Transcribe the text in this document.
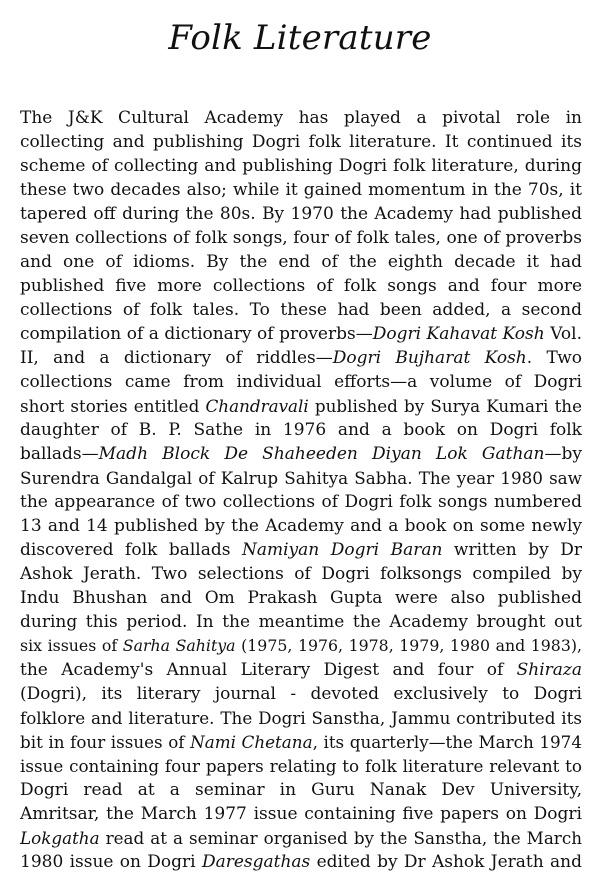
Folk Literature
The J&K Cultural Academy has played a pivotal role in
collecting and publishing Dogri folk literature. It continued its
scheme of collecting and publishing Dogri folk literature, during
these two decades also; while it gained momentum in the 70s, it
tapered off during the 80s. By 1970 the Academy had published
seven collections of folk songs, four of folk tales, one of proverbs
and one of idioms. By the end of the eighth decade it had
published five more collections of folk songs and four more
collections of folk tales. To these had been added, a second
compilation of a dictionary of proverbs—Dogri Kahavat Kosh Vol.
II, and a dictionary of riddles—Dogri Bujharat Kosh. Two
collections came from individual efforts—a volume of Dogri
short stories entitled Chandravali published by Surya Kumari the
daughter of B. P. Sathe in 1976 and a book on Dogri folk
ballads—Madh Block De Shaheeden Diyan Lok Gathan—by
Surendra Gandalgal of Kalrup Sahitya Sabha. The year 1980 saw
the appearance of two collections of Dogri folk songs numbered
13 and 14 published by the Academy and a book on some newly
discovered folk ballads Namiyan Dogri Baran written by Dr
Ashok Jerath. Two selections of Dogri folksongs compiled by
Indu Bhushan and Om Prakash Gupta were also published
during this period. In the meantime the Academy brought out
six issues of Sarha Sahitya (1975, 1976, 1978, 1979, 1980 and 1983),
the Academy's Annual Literary Digest and four of Shiraza
(Dogri), its literary journal - devoted exclusively to Dogri
folklore and literature. The Dogri Sanstha, Jammu contributed its
bit in four issues of Nami Chetana, its quarterly—the March 1974
issue containing four papers relating to folk literature relevant to
Dogri read at a seminar in Guru Nanak Dev University,
Amritsar, the March 1977 issue containing five papers on Dogri
Lokgatha read at a seminar organised by the Sanstha, the March
1980 issue on Dogri Daresgathas edited by Dr Ashok Jerath and
